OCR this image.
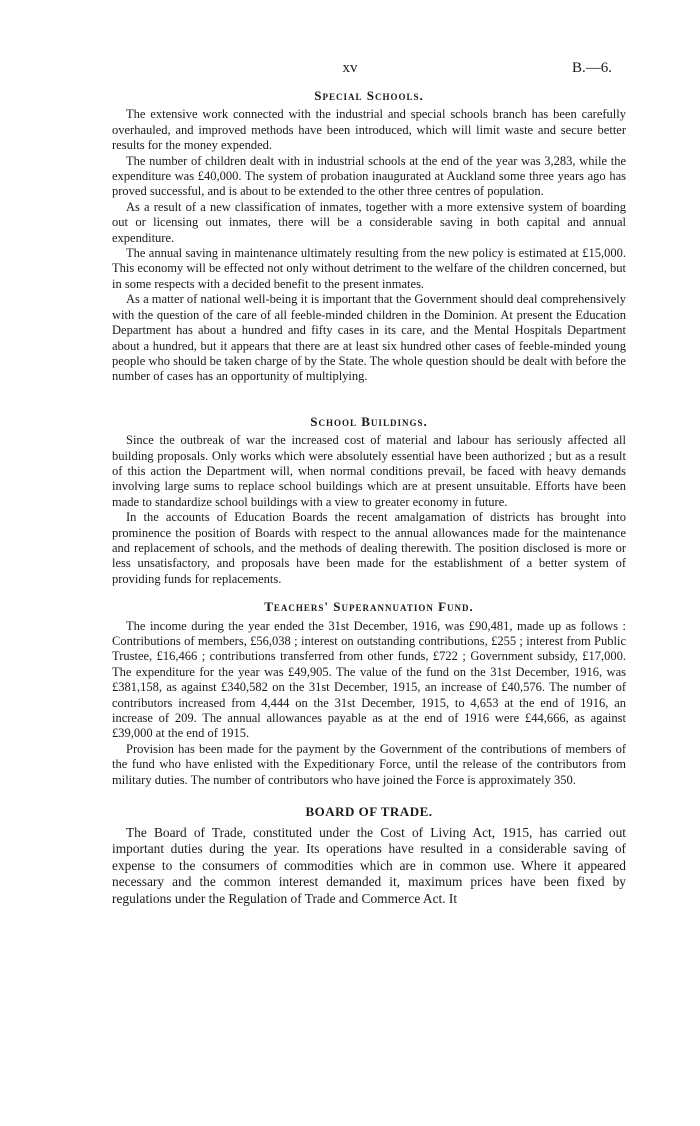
xv	B.—6.
Special Schools.

The extensive work connected with the industrial and special schools branch has been carefully overhauled, and improved methods have been introduced, which will limit waste and secure better results for the money expended.

The number of children dealt with in industrial schools at the end of the year was 3,283, while the expenditure was £40,000. The system of probation inaugurated at Auckland some three years ago has proved successful, and is about to be extended to the other three centres of population.

As a result of a new classification of inmates, together with a more extensive system of boarding out or licensing out inmates, there will be a considerable saving in both capital and annual expenditure.

The annual saving in maintenance ultimately resulting from the new policy is estimated at £15,000. This economy will be effected not only without detriment to the welfare of the children concerned, but in some respects with a decided benefit to the present inmates.

As a matter of national well-being it is important that the Government should deal comprehensively with the question of the care of all feeble-minded children in the Dominion. At present the Education Department has about a hundred and fifty cases in its care, and the Mental Hospitals Department about a hundred, but it appears that there are at least six hundred other cases of feeble-minded young people who should be taken charge of by the State. The whole question should be dealt with before the number of cases has an opportunity of multiplying.

School Buildings.

Since the outbreak of war the increased cost of material and labour has seriously affected all building proposals. Only works which were absolutely essential have been authorized ; but as a result of this action the Department will, when normal conditions prevail, be faced with heavy demands involving large sums to replace school buildings which are at present unsuitable. Efforts have been made to standardize school buildings with a view to greater economy in future.

In the accounts of Education Boards the recent amalgamation of districts has brought into prominence the position of Boards with respect to the annual allowances made for the maintenance and replacement of schools, and the methods of dealing therewith. The position disclosed is more or less unsatisfactory, and proposals have been made for the establishment of a better system of providing funds for replacements.

Teachers' Superannuation Fund.

The income during the year ended the 31st December, 1916, was £90,481, made up as follows : Contributions of members, £56,038 ; interest on outstanding contributions, £255 ; interest from Public Trustee, £16,466 ; contributions transferred from other funds, £722 ; Government subsidy, £17,000. The expenditure for the year was £49,905. The value of the fund on the 31st December, 1916, was £381,158, as against £340,582 on the 31st December, 1915, an increase of £40,576. The number of contributors increased from 4,444 on the 31st December, 1915, to 4,653 at the end of 1916, an increase of 209. The annual allowances payable as at the end of 1916 were £44,666, as against £39,000 at the end of 1915.

Provision has been made for the payment by the Government of the contributions of members of the fund who have enlisted with the Expeditionary Force, until the release of the contributors from military duties. The number of contributors who have joined the Force is approximately 350.

BOARD OF TRADE.

The Board of Trade, constituted under the Cost of Living Act, 1915, has carried out important duties during the year. Its operations have resulted in a considerable saving of expense to the consumers of commodities which are in common use. Where it appeared necessary and the common interest demanded it, maximum prices have been fixed by regulations under the Regulation of Trade and Commerce Act. It
